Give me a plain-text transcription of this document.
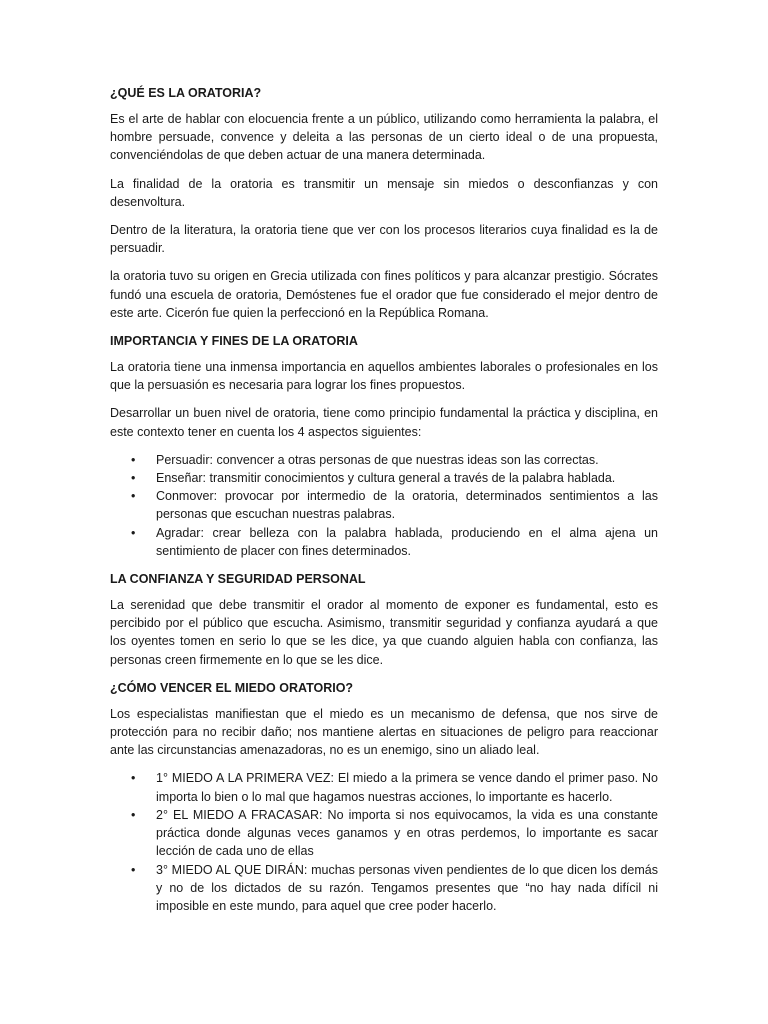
¿QUÉ ES LA ORATORIA?

Es el arte de hablar con elocuencia frente a un público, utilizando como herramienta la palabra, el hombre persuade, convence y deleita a las personas de un cierto ideal o de una propuesta, convenciéndolas de que deben actuar de una manera determinada.

La finalidad de la oratoria es transmitir un mensaje sin miedos o desconfianzas y con desenvoltura.

Dentro de la literatura, la oratoria tiene que ver con los procesos literarios cuya finalidad es la de persuadir.

la oratoria tuvo su origen en Grecia utilizada con fines políticos y para alcanzar prestigio. Sócrates fundó una escuela de oratoria, Demóstenes fue el orador que fue considerado el mejor dentro de este arte. Cicerón fue quien la perfeccionó en la República Romana.

IMPORTANCIA Y FINES DE LA ORATORIA

La oratoria tiene una inmensa importancia en aquellos ambientes laborales o profesionales en los que la persuasión es necesaria para lograr los fines propuestos.

Desarrollar un buen nivel de oratoria, tiene como principio fundamental la práctica y disciplina, en este contexto tener en cuenta los 4 aspectos siguientes:

• Persuadir: convencer a otras personas de que nuestras ideas son las correctas.
• Enseñar: transmitir conocimientos y cultura general a través de la palabra hablada.
• Conmover: provocar por intermedio de la oratoria, determinados sentimientos a las personas que escuchan nuestras palabras.
• Agradar: crear belleza con la palabra hablada, produciendo en el alma ajena un sentimiento de placer con fines determinados.
LA CONFIANZA Y SEGURIDAD PERSONAL

La serenidad que debe transmitir el orador al momento de exponer es fundamental, esto es percibido por el público que escucha. Asimismo, transmitir seguridad y confianza ayudará a que los oyentes tomen en serio lo que se les dice, ya que cuando alguien habla con confianza, las personas creen firmemente en lo que se les dice.

¿CÓMO VENCER EL MIEDO ORATORIO?

Los especialistas manifiestan que el miedo es un mecanismo de defensa, que nos sirve de protección para no recibir daño; nos mantiene alertas en situaciones de peligro para reaccionar ante las circunstancias amenazadoras, no es un enemigo, sino un aliado leal.

• 1° MIEDO A LA PRIMERA VEZ: El miedo a la primera se vence dando el primer paso. No importa lo bien o lo mal que hagamos nuestras acciones, lo importante es hacerlo.
• 2° EL MIEDO A FRACASAR: No importa si nos equivocamos, la vida es una constante práctica donde algunas veces ganamos y en otras perdemos, lo importante es sacar lección de cada uno de ellas
• 3° MIEDO AL QUE DIRÁN: muchas personas viven pendientes de lo que dicen los demás y no de los dictados de su razón. Tengamos presentes que “no hay nada difícil ni imposible en este mundo, para aquel que cree poder hacerlo.
